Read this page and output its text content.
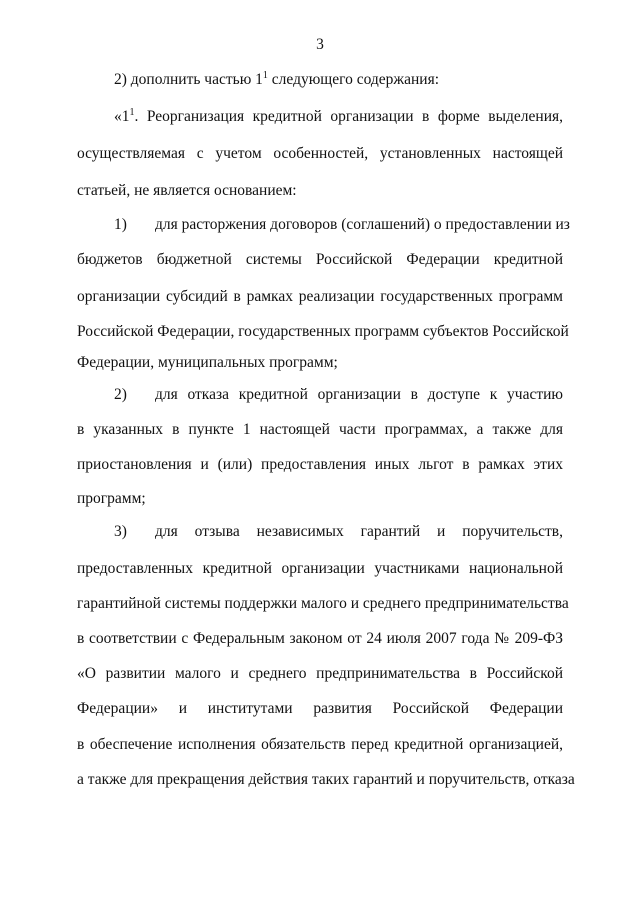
3
2) дополнить частью $1^1$ следующего содержания:
«$1^1$. Реорганизация кредитной организации в форме выделения,
осуществляемая с учетом особенностей, установленных настоящей
статьей, не является основанием:
1) для расторжения договоров (соглашений) о предоставлении из
бюджетов бюджетной системы Российской Федерации кредитной
организации субсидий в рамках реализации государственных программ
Российской Федерации, государственных программ субъектов Российской
Федерации, муниципальных программ;
2) для отказа кредитной организации в доступе к участию
в указанных в пункте 1 настоящей части программах, а также для
приостановления и (или) предоставления иных льгот в рамках этих
программ;
3) для отзыва независимых гарантий и поручительств,
предоставленных кредитной организации участниками национальной
гарантийной системы поддержки малого и среднего предпринимательства
в соответствии с Федеральным законом от 24 июля 2007 года № 209-ФЗ
«О развитии малого и среднего предпринимательства в Российской
Федерации» и институтами развития Российской Федерации
в обеспечение исполнения обязательств перед кредитной организацией,
а также для прекращения действия таких гарантий и поручительств, отказа
